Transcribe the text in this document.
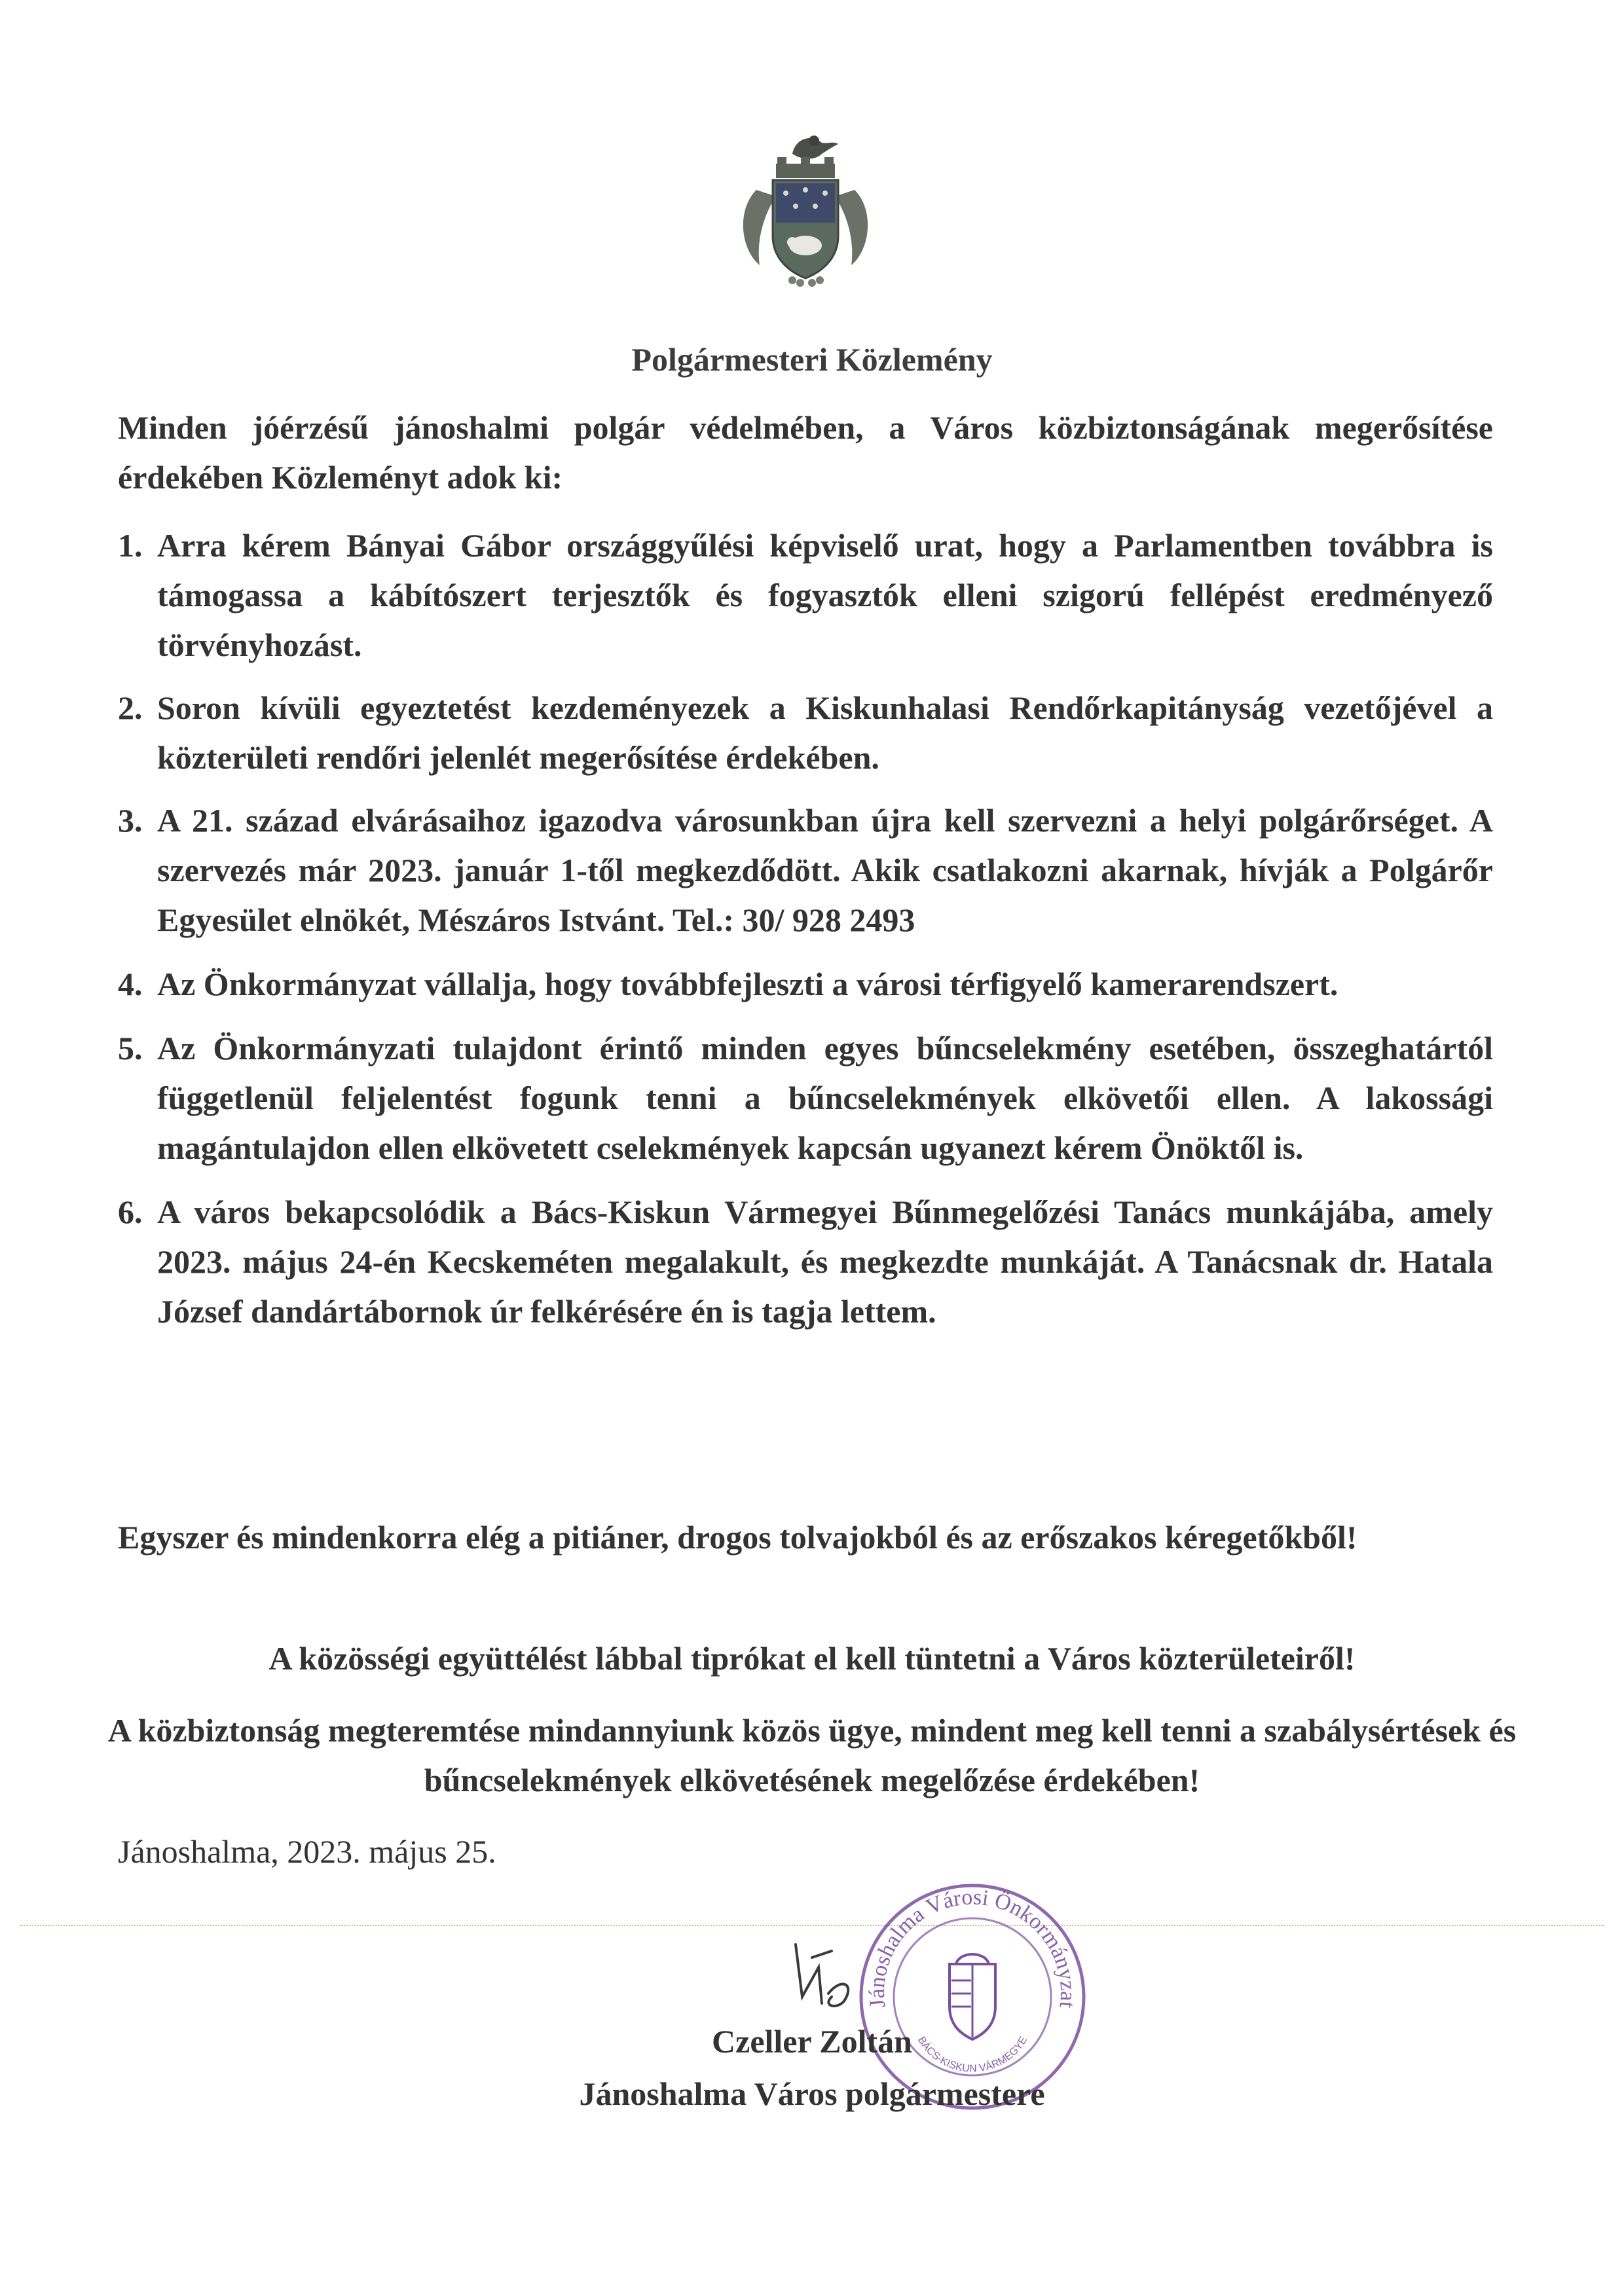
Polgármesteri Közlemény
Minden jóérzésű jánoshalmi polgár védelmében, a Város közbiztonságának megerősítése érdekében Közleményt adok ki:
1. Arra kérem Bányai Gábor országgyűlési képviselő urat, hogy a Parlamentben továbbra is támogassa a kábítószert terjesztők és fogyasztók elleni szigorú fellépést eredményező törvényhozást.
2. Soron kívüli egyeztetést kezdeményezek a Kiskunhalasi Rendőrkapitányság vezetőjével a közterületi rendőri jelenlét megerősítése érdekében.
3. A 21. század elvárásaihoz igazodva városunkban újra kell szervezni a helyi polgárőrséget. A szervezés már 2023. január 1-től megkezdődött. Akik csatlakozni akarnak, hívják a Polgárőr Egyesület elnökét, Mészáros Istvánt. Tel.: 30/ 928 2493
4. Az Önkormányzat vállalja, hogy továbbfejleszti a városi térfigyelő kamerarendszert.
5. Az Önkormányzati tulajdont érintő minden egyes bűncselekmény esetében, összeghatártól függetlenül feljelentést fogunk tenni a bűncselekmények elkövetői ellen. A lakossági magántulajdon ellen elkövetett cselekmények kapcsán ugyanezt kérem Önöktől is.
6. A város bekapcsolódik a Bács-Kiskun Vármegyei Bűnmegelőzési Tanács munkájába, amely 2023. május 24-én Kecskeméten megalakult, és megkezdte munkáját. A Tanácsnak dr. Hatala József dandártábornok úr felkérésére én is tagja lettem.
Egyszer és mindenkorra elég a pitiáner, drogos tolvajokból és az erőszakos kéregetőkből!
A közösségi együttélést lábbal tiprókat el kell tüntetni a Város közterületeiről!
A közbiztonság megteremtése mindannyiunk közös ügye, mindent meg kell tenni a szabálysértések és bűncselekmények elkövetésének megelőzése érdekében!
Jánoshalma, 2023. május 25.
Jánoshalma Városi Önkormányzat
BÁCS-KISKUN VÁRMEGYE
Czeller Zoltán
Jánoshalma Város polgármestere
